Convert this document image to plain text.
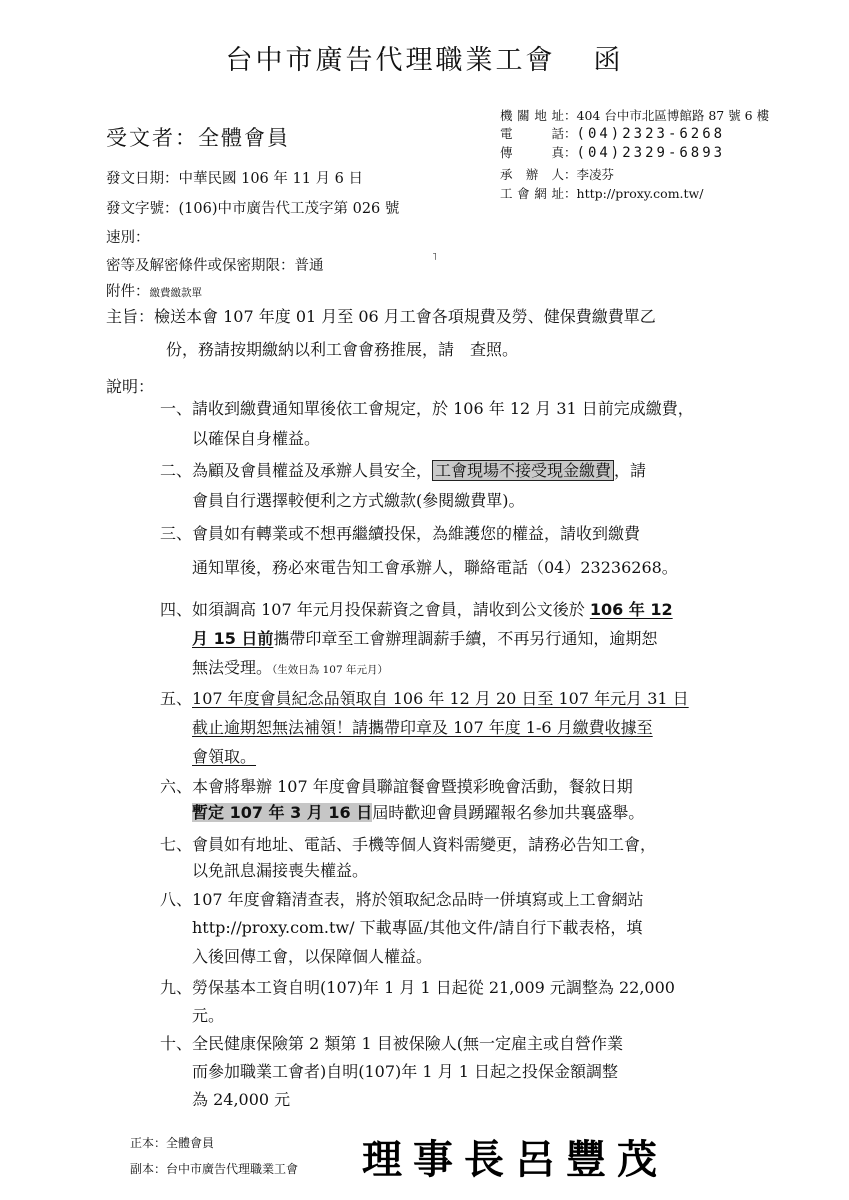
台中市廣告代理職業工會 函
受文者：全體會員
機關地址：404 台中市北區博館路 87 號 6 樓
電　　話：(04)2323-6268
傳　　真：(04)2329-6893
承 辦 人：李凌芬
工會網址：http://proxy.com.tw/
發文日期：中華民國 106 年 11 月 6 日
發文字號：(106)中市廣告代工茂字第 026 號
速別：
密等及解密條件或保密期限：普通
˥
附件：繳費繳款單
主旨：檢送本會 107 年度 01 月至 06 月工會各項規費及勞、健保費繳費單乙
份，務請按期繳納以利工會會務推展，請　查照。
說明：
一、請收到繳費通知單後依工會規定，於 106 年 12 月 31 日前完成繳費，
以確保自身權益。
二、為顧及會員權益及承辦人員安全， 工會現場不接受現金繳費 ，請
會員自行選擇較便利之方式繳款(參閱繳費單)。
三、會員如有轉業或不想再繼續投保，為維護您的權益，請收到繳費
通知單後，務必來電告知工會承辦人，聯絡電話（04）23236268。
四、如須調高 107 年元月投保薪資之會員，請收到公文後於 106 年 12
月 15 日前攜帶印章至工會辦理調薪手續，不再另行通知，逾期恕
無法受理。（生效日為 107 年元月）
五、107 年度會員紀念品領取自 106 年 12 月 20 日至 107 年元月 31 日
截止逾期恕無法補領！請攜帶印章及 107 年度 1-6 月繳費收據至
會領取。
六、本會將舉辦 107 年度會員聯誼餐會暨摸彩晚會活動，餐敘日期
暫定 107 年 3 月 16 日屆時歡迎會員踴躍報名參加共襄盛舉。
七、會員如有地址、電話、手機等個人資料需變更，請務必告知工會，
以免訊息漏接喪失權益。
八、107 年度會籍清查表，將於領取紀念品時一併填寫或上工會網站
http://proxy.com.tw/ 下載專區/其他文件/請自行下載表格，填
入後回傳工會，以保障個人權益。
九、勞保基本工資自明(107)年 1 月 1 日起從 21,009 元調整為 22,000
元。
十、全民健康保險第 2 類第 1 目被保險人(無一定雇主或自營作業
而參加職業工會者)自明(107)年 1 月 1 日起之投保金額調整
為 24,000 元
正本：全體會員
副本：台中市廣告代理職業工會 理事長呂豐茂
